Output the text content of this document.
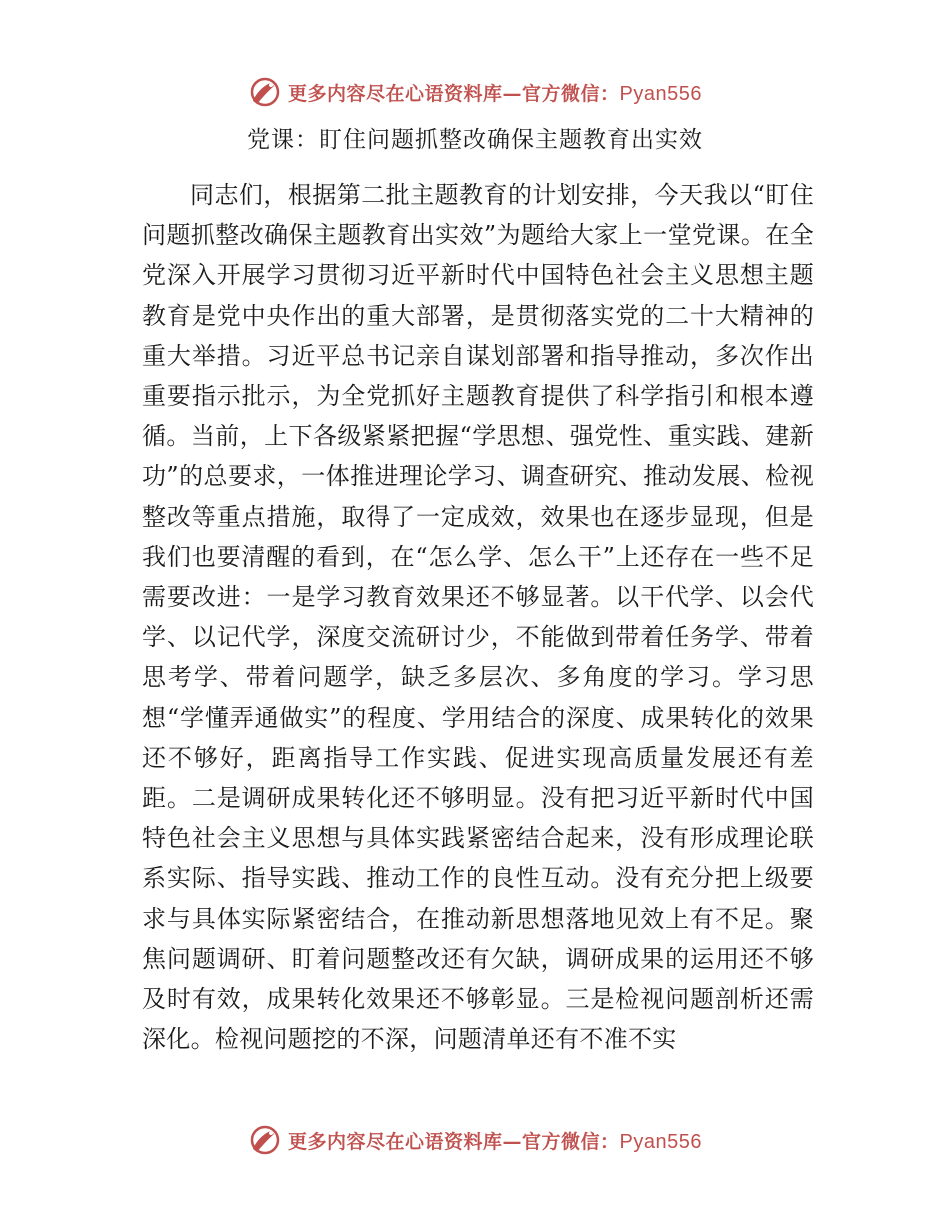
更多内容尽在心语资料库—官方微信：Pyan556
党课：盯住问题抓整改确保主题教育出实效

同志们，根据第二批主题教育的计划安排，今天我以“盯住问题抓整改确保主题教育出实效”为题给大家上一堂党课。在全党深入开展学习贯彻习近平新时代中国特色社会主义思想主题教育是党中央作出的重大部署，是贯彻落实党的二十大精神的重大举措。习近平总书记亲自谋划部署和指导推动，多次作出重要指示批示，为全党抓好主题教育提供了科学指引和根本遵循。当前，上下各级紧紧把握“学思想、强党性、重实践、建新功”的总要求，一体推进理论学习、调查研究、推动发展、检视整改等重点措施，取得了一定成效，效果也在逐步显现，但是我们也要清醒的看到，在“怎么学、怎么干”上还存在一些不足需要改进：一是学习教育效果还不够显著。以干代学、以会代学、以记代学，深度交流研讨少，不能做到带着任务学、带着思考学、带着问题学，缺乏多层次、多角度的学习。学习思想“学懂弄通做实”的程度、学用结合的深度、成果转化的效果还不够好，距离指导工作实践、促进实现高质量发展还有差距。二是调研成果转化还不够明显。没有把习近平新时代中国特色社会主义思想与具体实践紧密结合起来，没有形成理论联系实际、指导实践、推动工作的良性互动。没有充分把上级要求与具体实际紧密结合，在推动新思想落地见效上有不足。聚焦问题调研、盯着问题整改还有欠缺，调研成果的运用还不够及时有效，成果转化效果还不够彰显。三是检视问题剖析还需深化。检视问题挖的不深，问题清单还有不准不实

更多内容尽在心语资料库—官方微信：Pyan556
